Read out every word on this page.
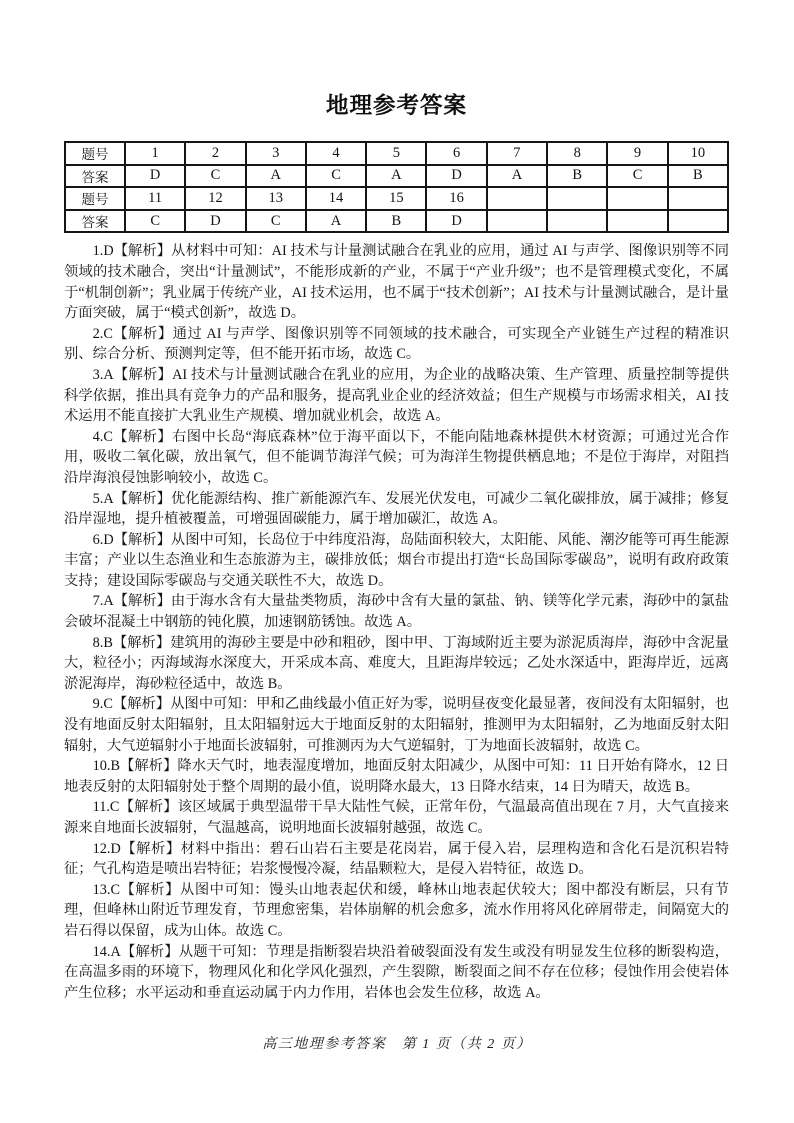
地理参考答案
题号	1	2	3	4	5	6	7	8	9	10
答案	D	C	A	C	A	D	A	B	C	B
题号	11	12	13	14	15	16				
答案	C	D	C	A	B	D				

1.D【解析】从材料中可知：AI 技术与计量测试融合在乳业的应用，通过 AI 与声学、图像识别等不同领域的技术融合，突出“计量测试”，不能形成新的产业，不属于“产业升级”；也不是管理模式变化，不属于“机制创新”；乳业属于传统产业，AI 技术运用，也不属于“技术创新”；AI 技术与计量测试融合，是计量方面突破，属于“模式创新”，故选 D。

2.C【解析】通过 AI 与声学、图像识别等不同领域的技术融合，可实现全产业链生产过程的精准识别、综合分析、预测判定等，但不能开拓市场，故选 C。

3.A【解析】AI 技术与计量测试融合在乳业的应用，为企业的战略决策、生产管理、质量控制等提供科学依据，推出具有竞争力的产品和服务，提高乳业企业的经济效益；但生产规模与市场需求相关，AI 技术运用不能直接扩大乳业生产规模、增加就业机会，故选 A。

4.C【解析】右图中长岛“海底森林”位于海平面以下，不能向陆地森林提供木材资源；可通过光合作用，吸收二氧化碳，放出氧气，但不能调节海洋气候；可为海洋生物提供栖息地；不是位于海岸，对阻挡沿岸海浪侵蚀影响较小，故选 C。

5.A【解析】优化能源结构、推广新能源汽车、发展光伏发电，可减少二氧化碳排放，属于减排；修复沿岸湿地，提升植被覆盖，可增强固碳能力，属于增加碳汇，故选 A。

6.D【解析】从图中可知，长岛位于中纬度沿海，岛陆面积较大，太阳能、风能、潮汐能等可再生能源丰富；产业以生态渔业和生态旅游为主，碳排放低；烟台市提出打造“长岛国际零碳岛”，说明有政府政策支持；建设国际零碳岛与交通关联性不大，故选 D。

7.A【解析】由于海水含有大量盐类物质，海砂中含有大量的氯盐、钠、镁等化学元素，海砂中的氯盐会破坏混凝土中钢筋的钝化膜，加速钢筋锈蚀。故选 A。

8.B【解析】建筑用的海砂主要是中砂和粗砂，图中甲、丁海域附近主要为淤泥质海岸，海砂中含泥量大，粒径小；丙海域海水深度大，开采成本高、难度大，且距海岸较远；乙处水深适中，距海岸近，远离淤泥海岸，海砂粒径适中，故选 B。

9.C【解析】从图中可知：甲和乙曲线最小值正好为零，说明昼夜变化最显著，夜间没有太阳辐射，也没有地面反射太阳辐射，且太阳辐射远大于地面反射的太阳辐射，推测甲为太阳辐射，乙为地面反射太阳辐射，大气逆辐射小于地面长波辐射，可推测丙为大气逆辐射，丁为地面长波辐射，故选 C。

10.B【解析】降水天气时，地表湿度增加，地面反射太阳减少，从图中可知：11 日开始有降水，12 日地表反射的太阳辐射处于整个周期的最小值，说明降水最大，13 日降水结束，14 日为晴天，故选 B。

11.C【解析】该区域属于典型温带干旱大陆性气候，正常年份，气温最高值出现在 7 月，大气直接来源来自地面长波辐射，气温越高，说明地面长波辐射越强，故选 C。

12.D【解析】材料中指出：碧石山岩石主要是花岗岩，属于侵入岩，层理构造和含化石是沉积岩特征；气孔构造是喷出岩特征；岩浆慢慢冷凝，结晶颗粒大，是侵入岩特征，故选 D。

13.C【解析】从图中可知：馒头山地表起伏和缓，峰林山地表起伏较大；图中都没有断层，只有节理，但峰林山附近节理发育，节理愈密集，岩体崩解的机会愈多，流水作用将风化碎屑带走，间隔宽大的岩石得以保留，成为山体。故选 C。

14.A【解析】从题干可知：节理是指断裂岩块沿着破裂面没有发生或没有明显发生位移的断裂构造，在高温多雨的环境下，物理风化和化学风化强烈，产生裂隙，断裂面之间不存在位移；侵蚀作用会使岩体产生位移；水平运动和垂直运动属于内力作用，岩体也会发生位移，故选 A。

高三地理参考答案　第 1 页（共 2 页）
